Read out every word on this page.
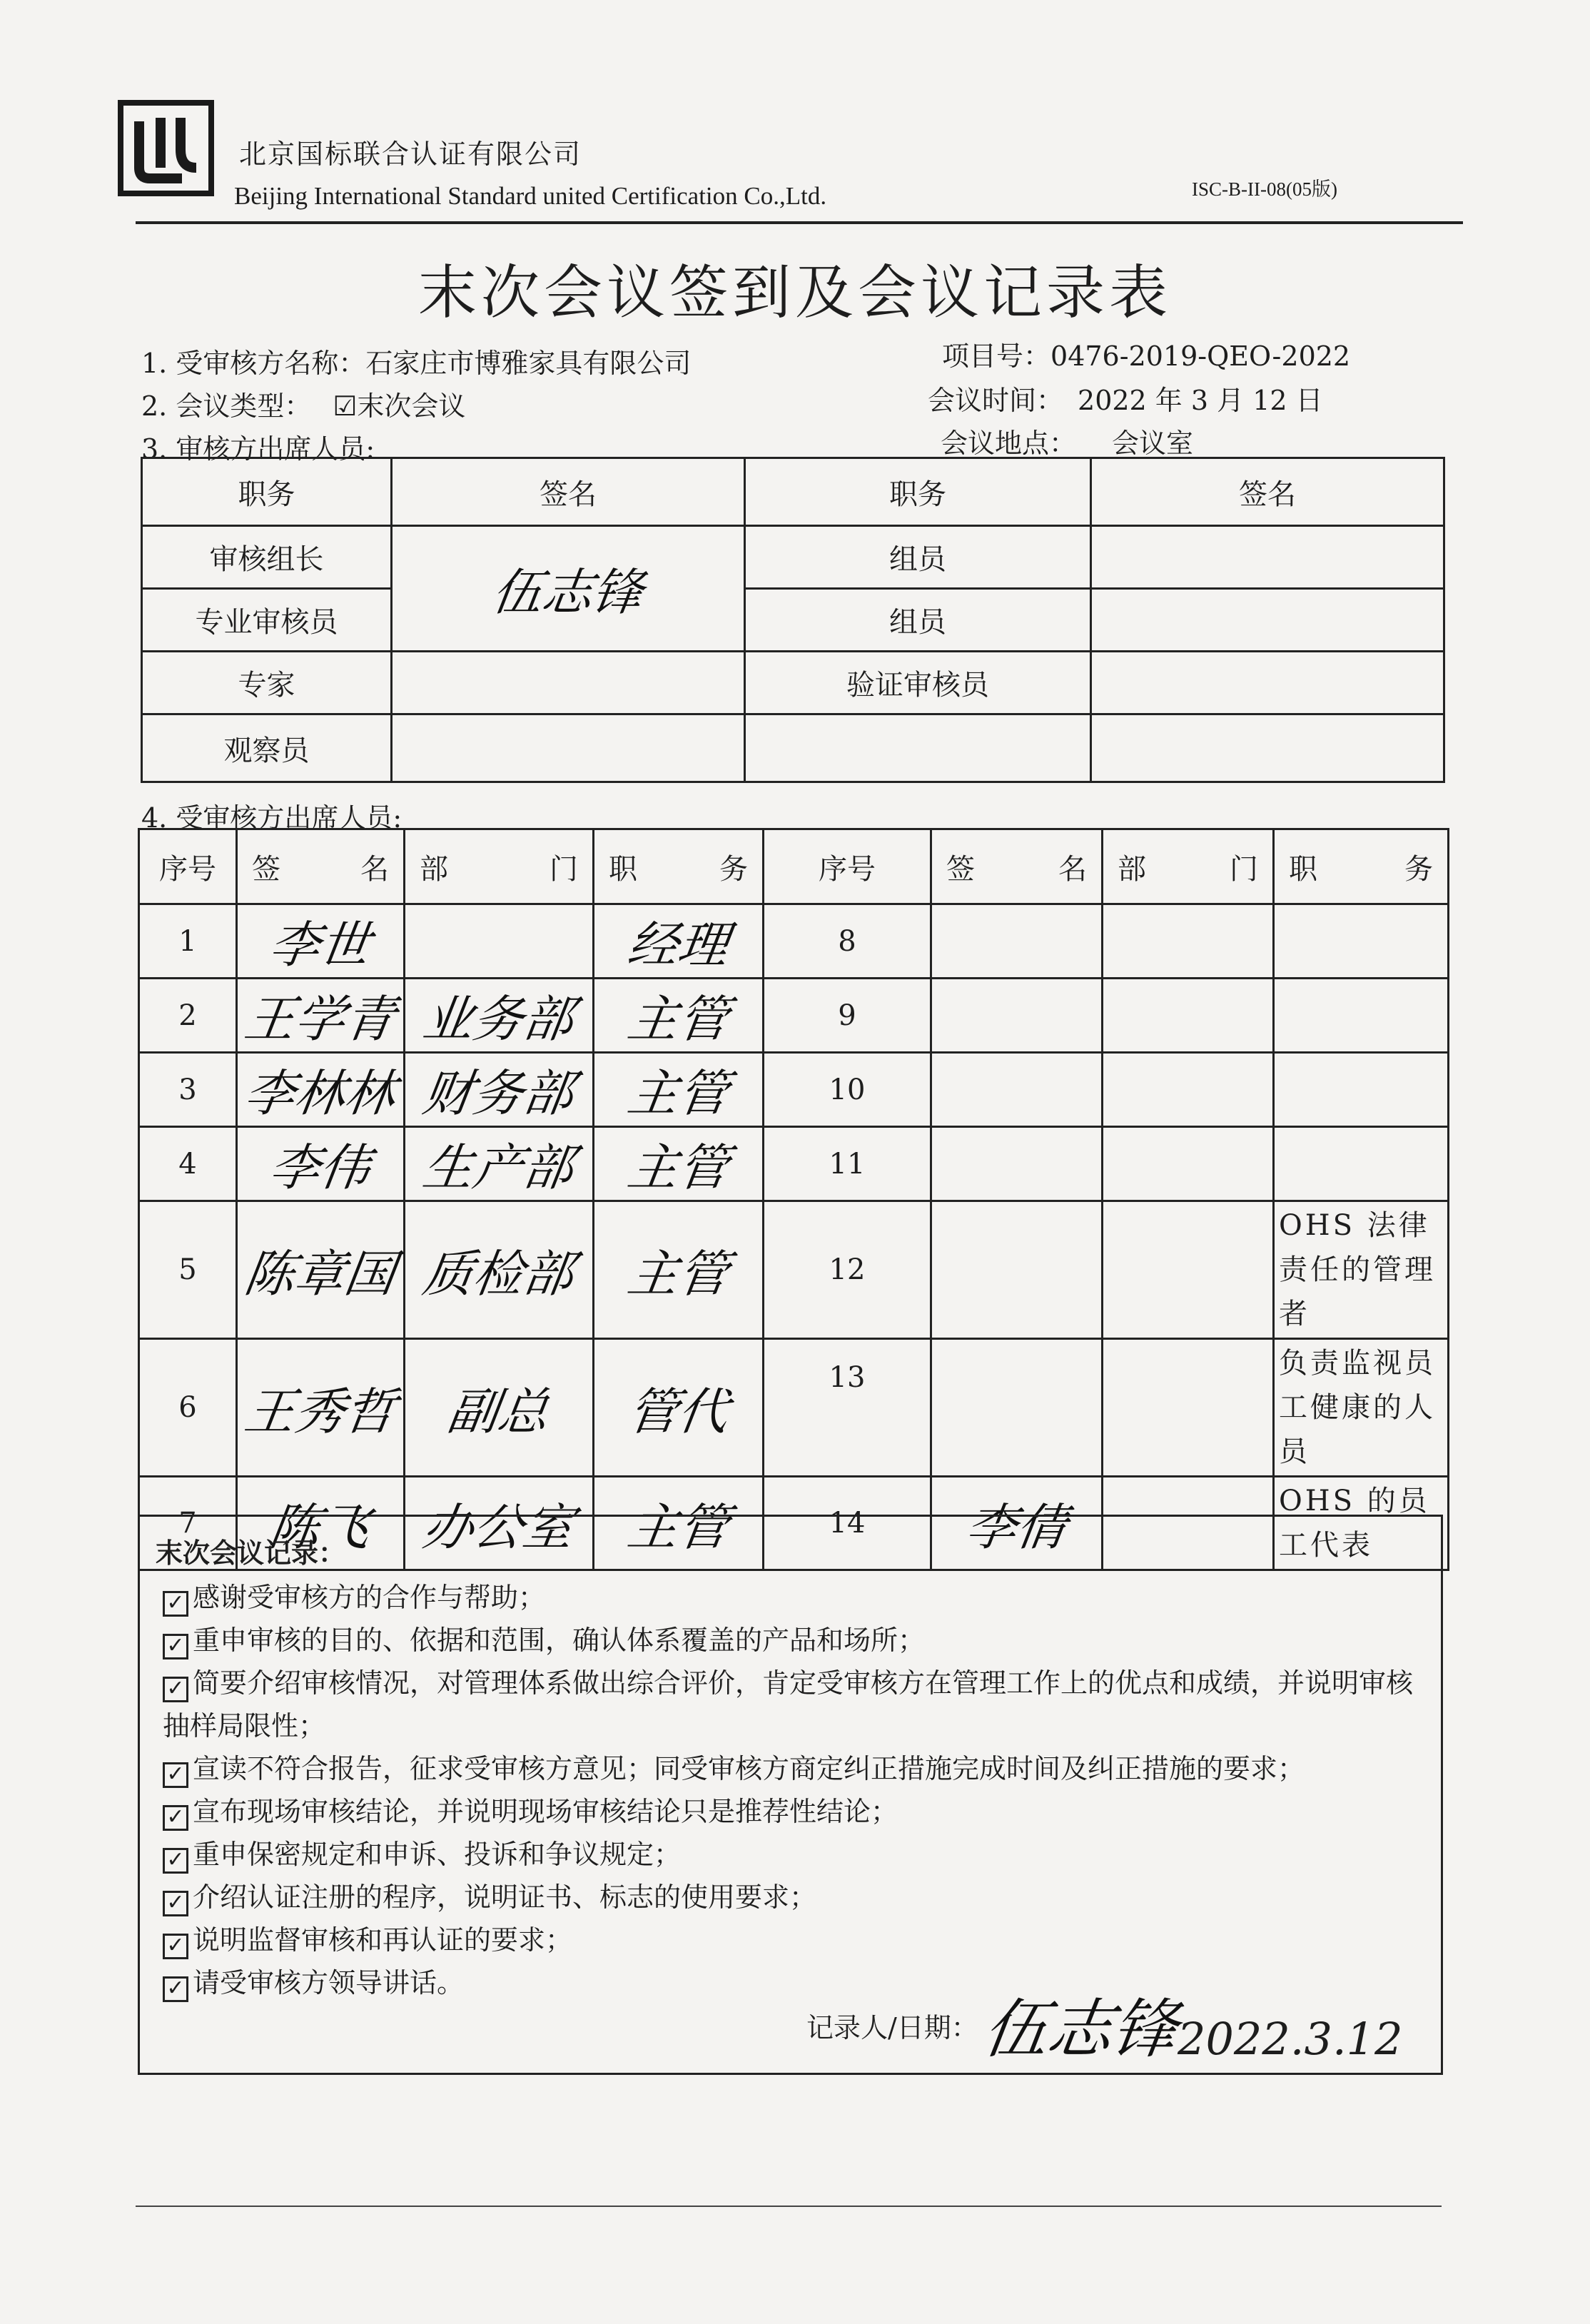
北京国标联合认证有限公司
Beijing International Standard united Certification Co.,Ltd.	ISC-B-II-08(05版)
末次会议签到及会议记录表
1. 受审核方名称：石家庄市博雅家具有限公司
2. 会议类型： ☑末次会议
3. 审核方出席人员:
项目号：0476-2019-QEO-2022
会议时间： 2022 年 3 月 12 日
会议地点： 会议室
职务	签名	职务	签名
审核组长	伍志锋	组员	
专业审核员		组员	
专家		验证审核员	
观察员			
4. 受审核方出席人员:
序号	签 名	部 门	职 务	序号	签 名	部 门	职 务

1	李世		经理	8			
2	王学青	业务部	主管	9			
3	李林林	财务部	主管	10			
4	李伟	生产部	主管	11			
5	陈章国	质检部	主管	12			OHS 法律责任的管理者
6	王秀哲	副总	管代	13			负责监视员工健康的人员
7	陈飞	办公室	主管	14	李倩		OHS 的员工代表
末次会议记录：
✓ 感谢受审核方的合作与帮助；
✓ 重申审核的目的、依据和范围，确认体系覆盖的产品和场所；
✓ 简要介绍审核情况，对管理体系做出综合评价，肯定受审核方在管理工作上的优点和成绩，并说明审核抽样局限性；
✓ 宣读不符合报告，征求受审核方意见；同受审核方商定纠正措施完成时间及纠正措施的要求；
✓ 宣布现场审核结论，并说明现场审核结论只是推荐性结论；
✓ 重申保密规定和申诉、投诉和争议规定；
✓ 介绍认证注册的程序，说明证书、标志的使用要求；
✓ 说明监督审核和再认证的要求；
✓ 请受审核方领导讲话。
记录人/日期： 伍志锋
2022.3.12
